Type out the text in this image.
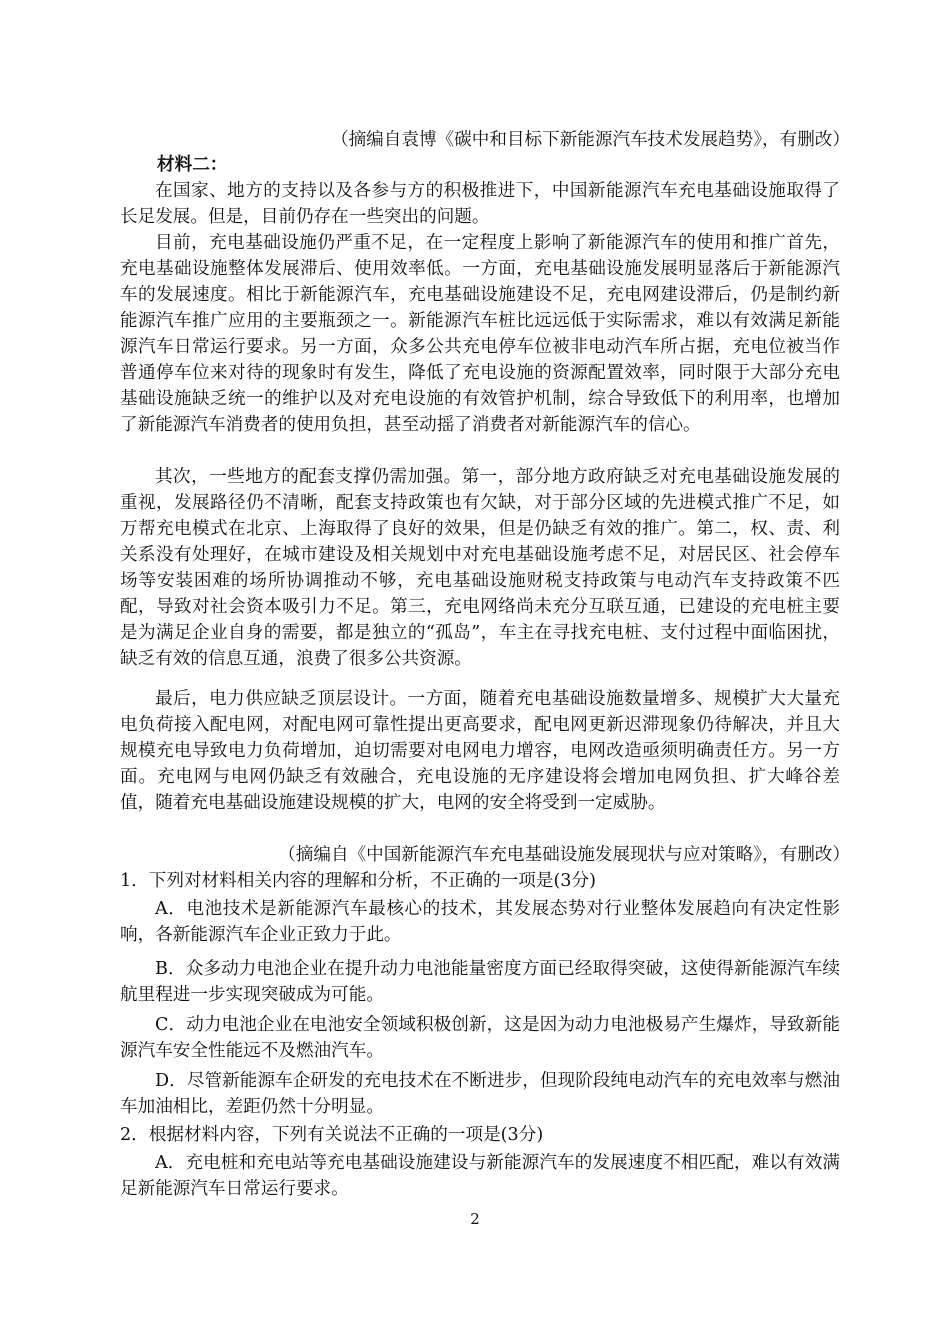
（摘编自袁博《碳中和目标下新能源汽车技术发展趋势》，有删改）
材料二：
在国家、地方的支持以及各参与方的积极推进下，中国新能源汽车充电基础设施取得了长足发展。但是，目前仍存在一些突出的问题。
目前，充电基础设施仍严重不足，在一定程度上影响了新能源汽车的使用和推广首先，充电基础设施整体发展滞后、使用效率低。一方面，充电基础设施发展明显落后于新能源汽车的发展速度。相比于新能源汽车，充电基础设施建设不足，充电网建设滞后，仍是制约新能源汽车推广应用的主要瓶颈之一。新能源汽车桩比远远低于实际需求，难以有效满足新能源汽车日常运行要求。另一方面，众多公共充电停车位被非电动汽车所占据，充电位被当作普通停车位来对待的现象时有发生，降低了充电设施的资源配置效率，同时限于大部分充电基础设施缺乏统一的维护以及对充电设施的有效管护机制，综合导致低下的利用率，也增加了新能源汽车消费者的使用负担，甚至动摇了消费者对新能源汽车的信心。
其次，一些地方的配套支撑仍需加强。第一，部分地方政府缺乏对充电基础设施发展的重视，发展路径仍不清晰，配套支持政策也有欠缺，对于部分区域的先进模式推广不足，如万帮充电模式在北京、上海取得了良好的效果，但是仍缺乏有效的推广。第二，权、责、利关系没有处理好，在城市建设及相关规划中对充电基础设施考虑不足，对居民区、社会停车场等安装困难的场所协调推动不够，充电基础设施财税支持政策与电动汽车支持政策不匹配，导致对社会资本吸引力不足。第三，充电网络尚未充分互联互通，已建设的充电桩主要是为满足企业自身的需要，都是独立的“孤岛”，车主在寻找充电桩、支付过程中面临困扰，缺乏有效的信息互通，浪费了很多公共资源。
最后，电力供应缺乏顶层设计。一方面，随着充电基础设施数量增多、规模扩大大量充电负荷接入配电网，对配电网可靠性提出更高要求，配电网更新迟滞现象仍待解决，并且大规模充电导致电力负荷增加，迫切需要对电网电力增容，电网改造亟须明确责任方。另一方面。充电网与电网仍缺乏有效融合，充电设施的无序建设将会增加电网负担、扩大峰谷差值，随着充电基础设施建设规模的扩大，电网的安全将受到一定威胁。
（摘编自《中国新能源汽车充电基础设施发展现状与应对策略》，有删改）
1．下列对材料相关内容的理解和分析，不正确的一项是(3分)
A．电池技术是新能源汽车最核心的技术，其发展态势对行业整体发展趋向有决定性影响，各新能源汽车企业正致力于此。
B．众多动力电池企业在提升动力电池能量密度方面已经取得突破，这使得新能源汽车续航里程进一步实现突破成为可能。
C．动力电池企业在电池安全领域积极创新，这是因为动力电池极易产生爆炸，导致新能源汽车安全性能远不及燃油汽车。
D．尽管新能源车企研发的充电技术在不断进步，但现阶段纯电动汽车的充电效率与燃油车加油相比，差距仍然十分明显。
2．根据材料内容，下列有关说法不正确的一项是(3分)
A．充电桩和充电站等充电基础设施建设与新能源汽车的发展速度不相匹配，难以有效满足新能源汽车日常运行要求。
2
